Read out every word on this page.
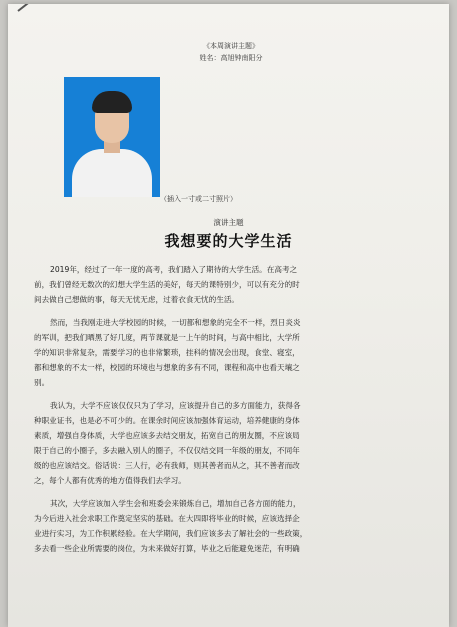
《本周演讲主题》
姓名：高旭钟南阳分
（插入一寸或二寸照片）
演讲主题
我想要的大学生活
2019年，经过了一年一度的高考，我们踏入了期待的大学生活。在高考之
前，我们曾经无数次的幻想大学生活的美好，每天的课特别少，可以有充分的时
间去做自己想做的事，每天无忧无虑，过着衣食无忧的生活。
然而，当我刚走进大学校园的时候，一切都和想象的完全不一样，烈日炎炎
的军训，把我们晒黑了好几度，两节课就是一上午的时间，与高中相比，大学所
学的知识非常复杂，需要学习的也非常繁琐，挂科的情况会出现，食堂、寝室，
都和想象的不太一样，校园的环境也与想象的多有不同，课程和高中也看天壤之
别。
我认为，大学不应该仅仅只为了学习，应该提升自己的多方面能力，获得各
种职业证书，也是必不可少的。在课余时间应该加强体育运动，培养健康的身体
素质，增强自身体质，大学也应该多去结交朋友，拓宽自己的朋友圈，不应该局
限于自己的小圈子，多去融入别人的圈子，不仅仅结交同一年级的朋友，不同年
级的也应该结交。俗话说：三人行，必有我师，则其善者而从之，其不善者而改
之，每个人都有优秀的地方值得我们去学习。
其次，大学应该加入学生会和班委会来锻炼自己，增加自己各方面的能力，
为今后进入社会求职工作奠定坚实的基础。在大四即将毕业的时候，应该选择企
业进行实习，为工作积累经验。在大学期间，我们应该多去了解社会的一些政策，
多去看一些企业所需要的岗位，为未来做好打算，毕业之后能避免迷茫，有明确
